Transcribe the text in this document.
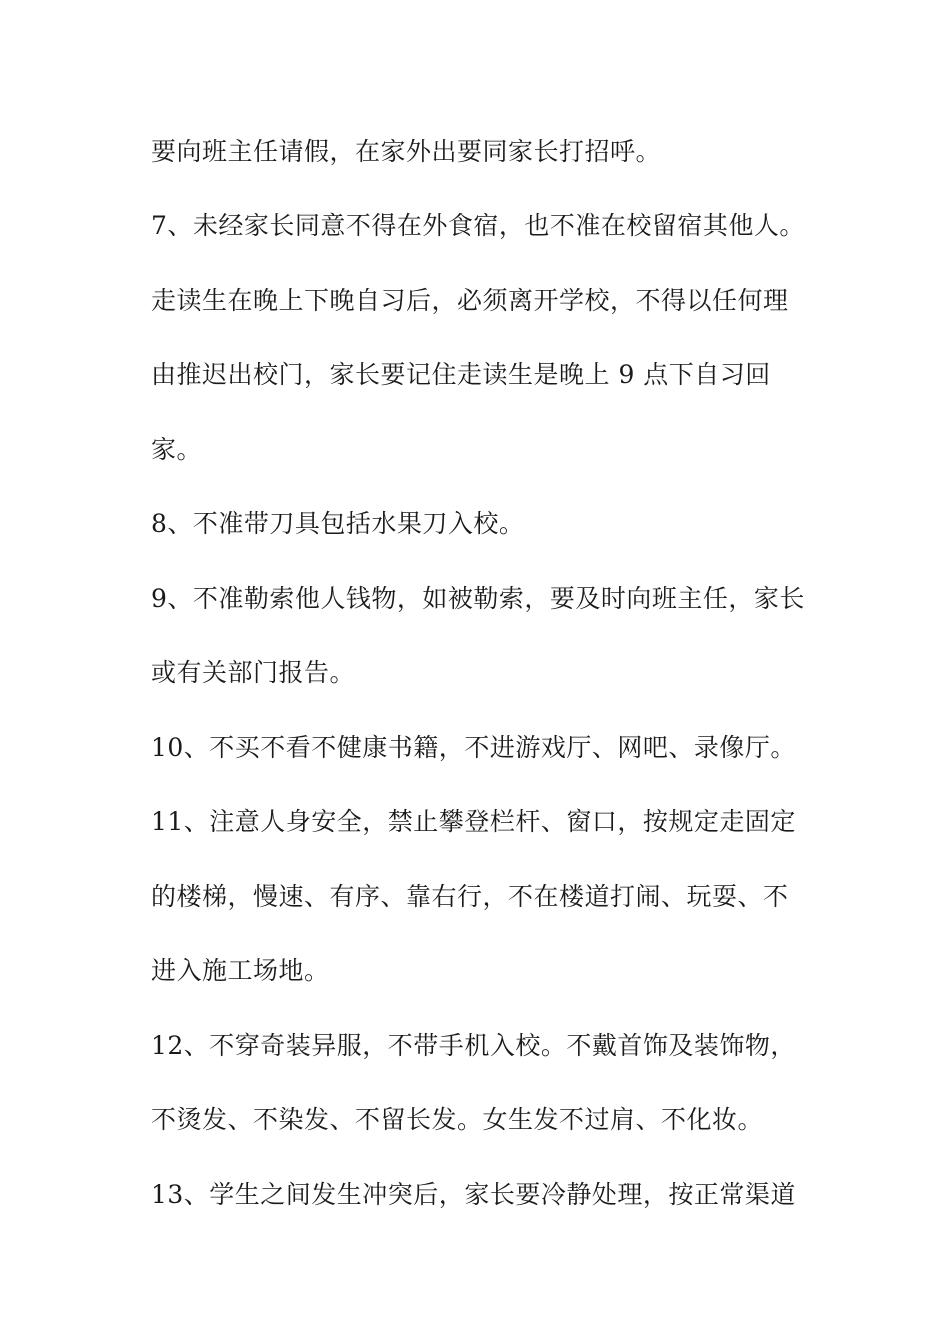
要向班主任请假，在家外出要同家长打招呼。
7、未经家长同意不得在外食宿，也不准在校留宿其他人。
走读生在晚上下晚自习后，必须离开学校，不得以任何理
由推迟出校门，家长要记住走读生是晚上 9 点下自习回
家。
8、不准带刀具包括水果刀入校。
9、不准勒索他人钱物，如被勒索，要及时向班主任，家长
或有关部门报告。
10、不买不看不健康书籍，不进游戏厅、网吧、录像厅。
11、注意人身安全，禁止攀登栏杆、窗口，按规定走固定
的楼梯，慢速、有序、靠右行，不在楼道打闹、玩耍、不
进入施工场地。
12、不穿奇装异服，不带手机入校。不戴首饰及装饰物，
不烫发、不染发、不留长发。女生发不过肩、不化妆。
13、学生之间发生冲突后，家长要冷静处理，按正常渠道
